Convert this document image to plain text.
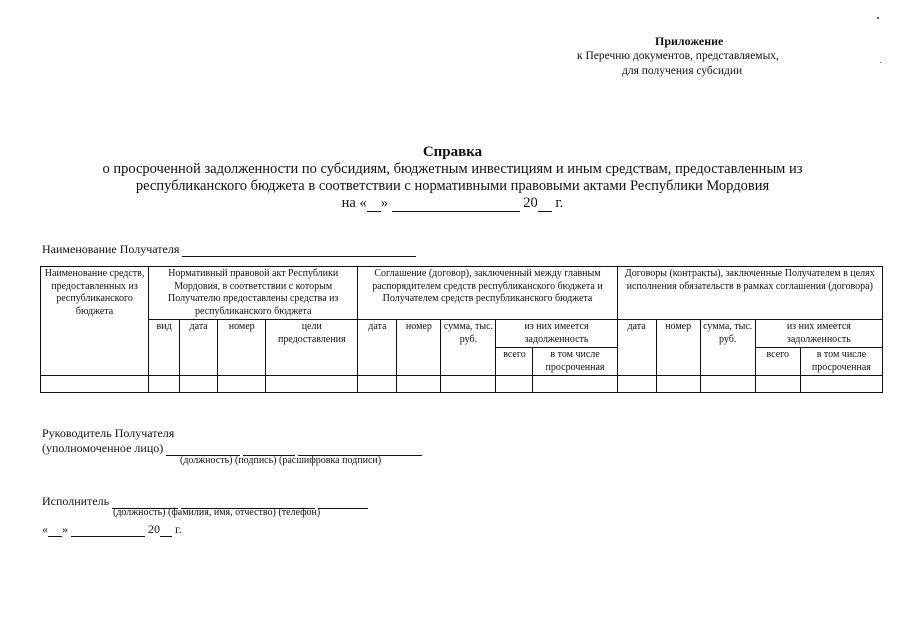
Приложение
к Перечню документов, представляемых,
для получения субсидии
Справка
о просроченной задолженности по субсидиям, бюджетным инвестициям и иным средствам, предоставленным из
республиканского бюджета в соответствии с нормативными правовыми актами Республики Мордовия
на « »	20 г.
Наименование Получателя
Наименование средств, предоставленных из республиканского бюджета	Нормативный правовой акт Республики Мордовия, в соответствии с которым Получателю предоставлены средства из республиканского бюджета				Соглашение (договор), заключенный между главным распорядителем средств республиканского бюджета и Получателем средств республиканского бюджета					Договоры (контракты), заключенные Получателем в целях исполнения обязательств в рамках соглашения (договора)				
	вид	дата	номер	цели предоставления	дата	номер	сумма, тыс. руб.	из них имеется задолженность		дата	номер	сумма, тыс. руб.	из них имеется задолженность	

								всего	в том числе просроченная				всего	в том числе просроченная

Руководитель Получателя
(уполномоченное лицо)
(должность) (подпись) (расшифровка подписи)
Исполнитель
(должность) (фамилия, имя, отчество) (телефон)
« »	20 г.
